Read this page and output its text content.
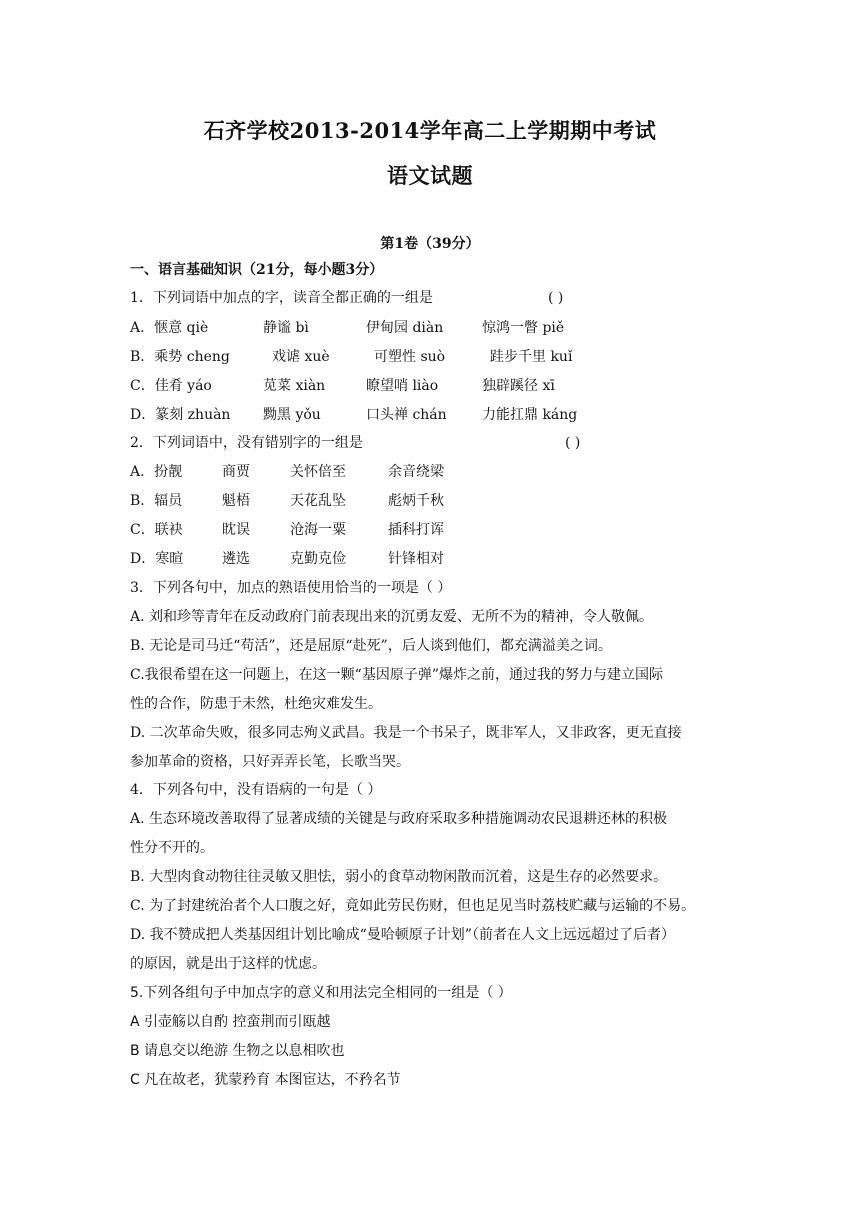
石齐学校2013-2014学年高二上学期期中考试
语文试题
第1卷（39分）
一、语言基础知识（21分，每小题3分）
1．下列词语中加点的字，读音全都正确的一组是	( )
A．惬意 qiè	静谧 bì	伊甸园 diàn	惊鸿一瞥 piě
B．乘势 cheng	戏谑 xuè	可塑性 suò	跬步千里 kuǐ
C．佳肴 yáo	苋菜 xiàn	瞭望哨 liào	独辟蹊径 xī
D．篆刻 zhuàn 黝黑 yǒu	口头禅 chán	力能扛鼎 káng
2．下列词语中，没有错别字的一组是	( )
A．扮靓	商贾	关怀倍至	余音绕梁
B．辐员	魁梧	天花乱坠	彪炳千秋
C．联袂	眈误	沧海一粟	插科打诨
D．寒暄	遴选	克勤克俭	针锋相对
3．下列各句中，加点的熟语使用恰当的一项是（ ）
A. 刘和珍等青年在反动政府门前表现出来的沉勇友爱、无所不为的精神，令人敬佩。
B. 无论是司马迁“苟活”，还是屈原“赴死”，后人谈到他们，都充满溢美之词。
C.我很希望在这一问题上，在这一颗“基因原子弹”爆炸之前，通过我的努力与建立国际
性的合作，防患于未然，杜绝灾难发生。
D. 二次革命失败，很多同志殉义武昌。我是一个书呆子，既非军人，又非政客，更无直接
参加革命的资格，只好弄弄长笔，长歌当哭。
4．下列各句中，没有语病的一句是（ ）
A. 生态环境改善取得了显著成绩的关键是与政府采取多种措施调动农民退耕还林的积极
性分不开的。
B. 大型肉食动物往往灵敏又胆怯，弱小的食草动物闲散而沉着，这是生存的必然要求。
C. 为了封建统治者个人口腹之好，竟如此劳民伤财，但也足见当时荔枝贮藏与运输的不易。
D. 我不赞成把人类基因组计划比喻成“曼哈顿原子计划”（前者在人文上远远超过了后者）
的原因，就是出于这样的忧虑。
5.下列各组句子中加点字的意义和用法完全相同的一组是（ ）
A 引壶觞以自酌 控蛮荆而引瓯越
B 请息交以绝游 生物之以息相吹也
C 凡在故老，犹蒙矜育 本图宦达，不矜名节
